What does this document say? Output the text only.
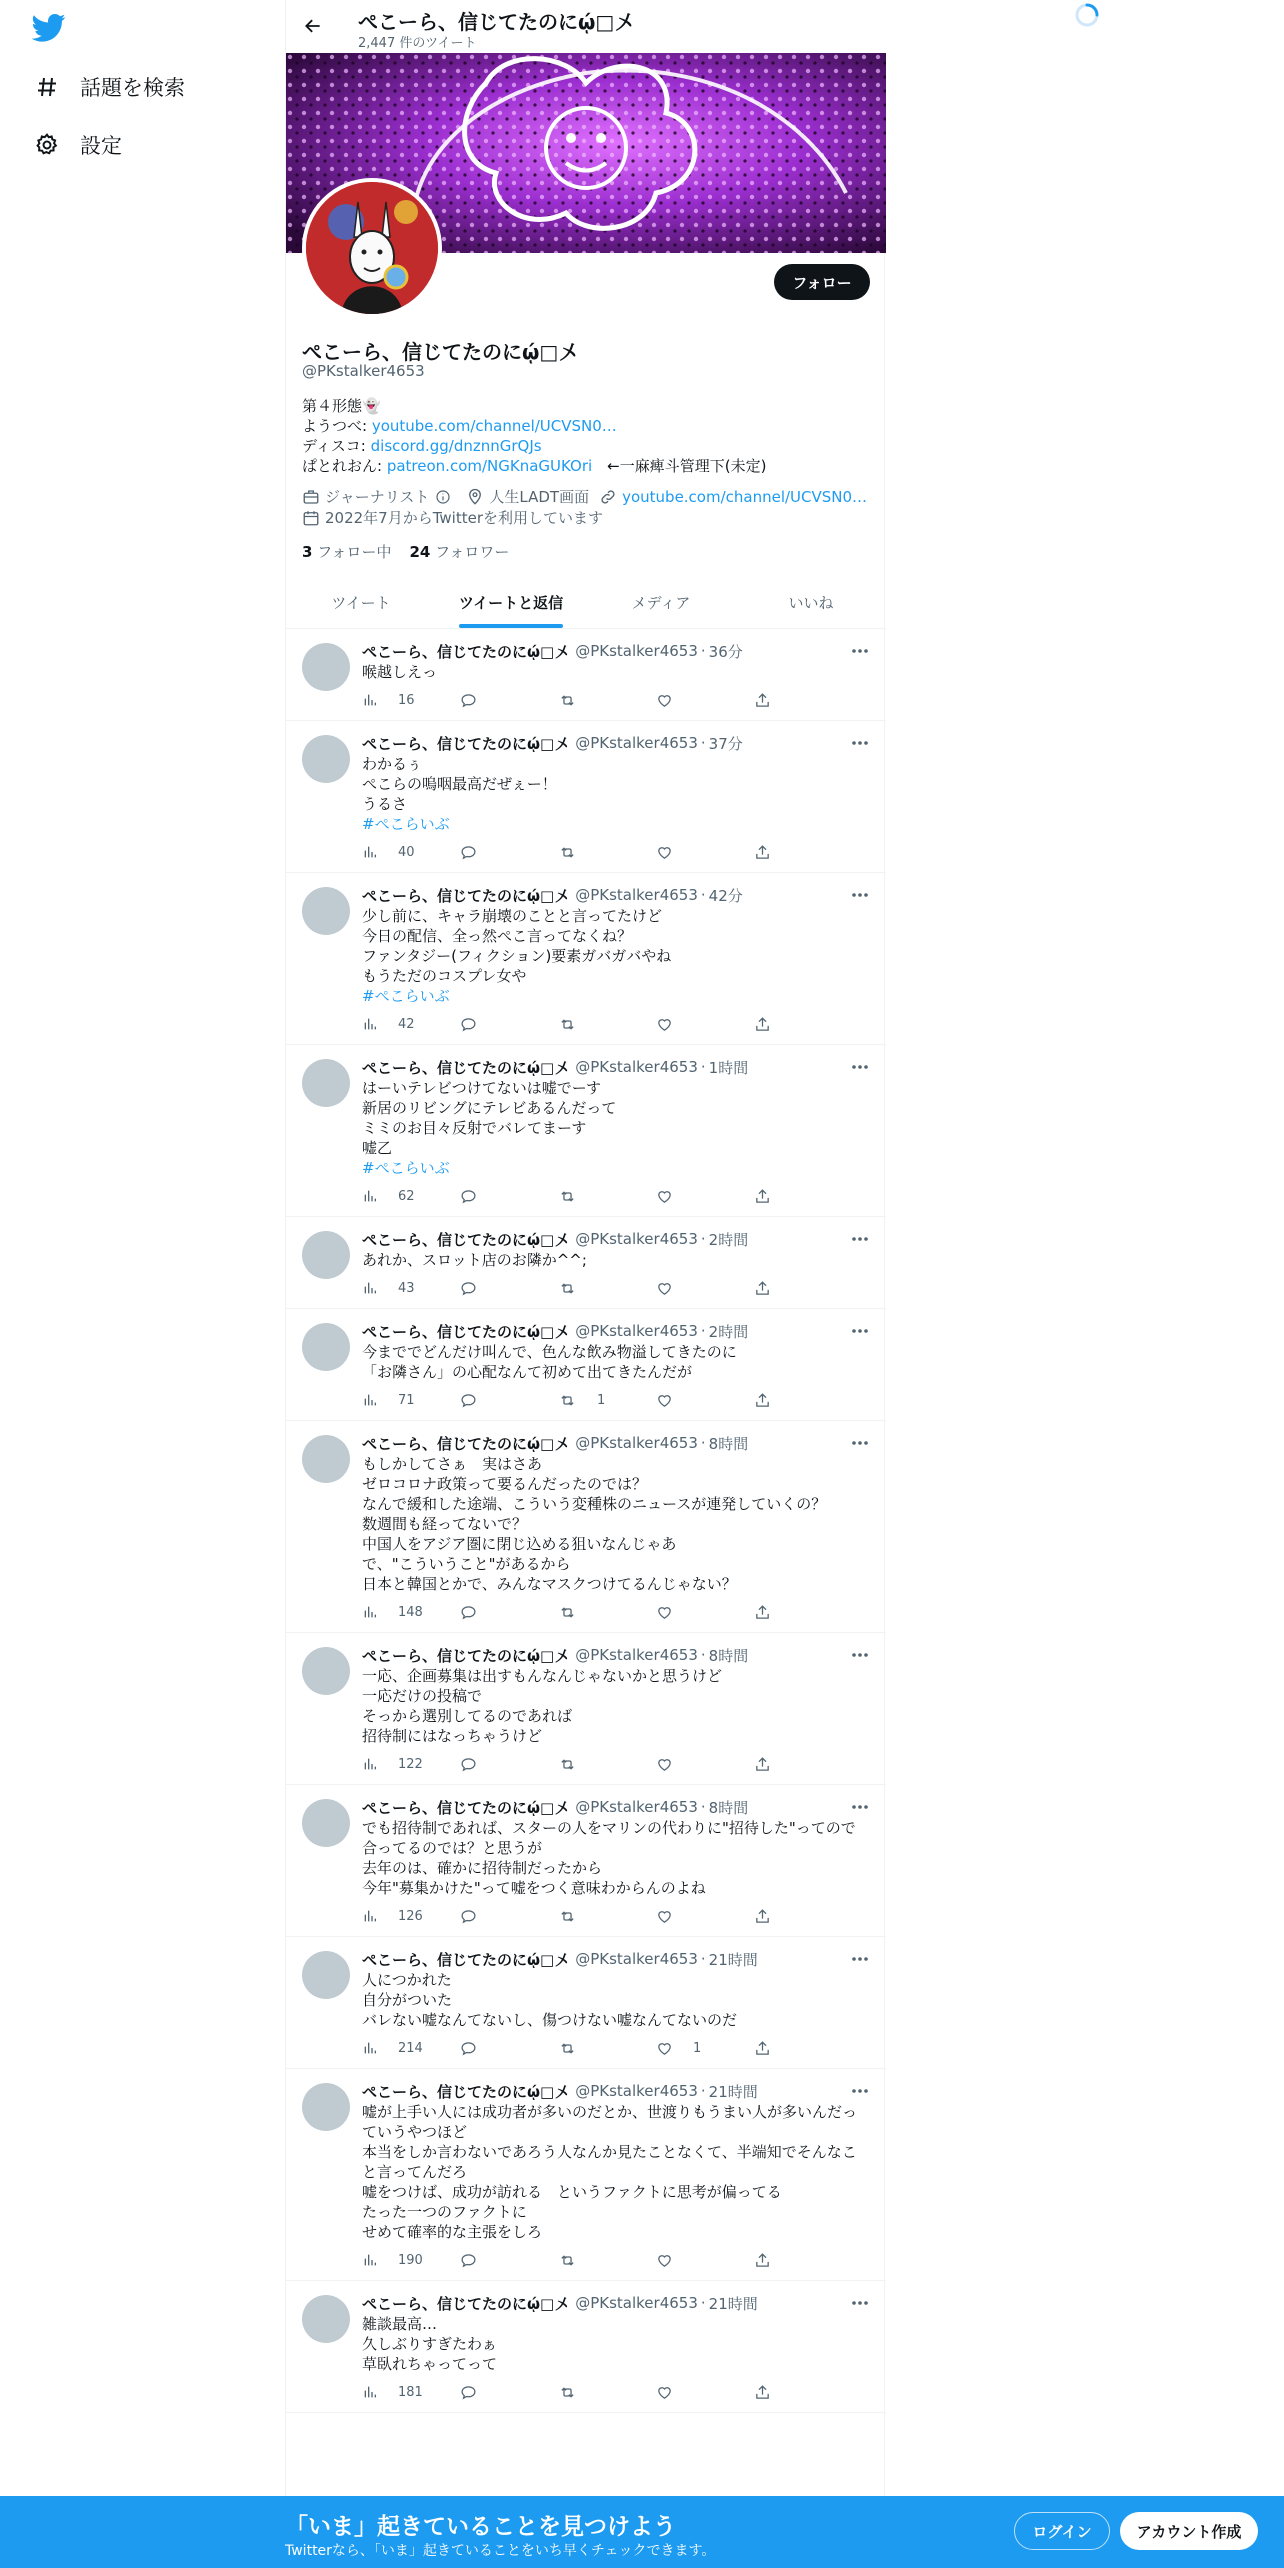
話題を検索
設定
ぺこーら、信じてたのにῴ□〤
2,447 件のツイート
フォロー
ぺこーら、信じてたのにῴ□〤
@PKstalker4653
第４形態👻
ようつべ: youtube.com/channel/UCVSN0…
ディスコ: discord.gg/dnznnGrQJs
ぱとれおん: patreon.com/NGKnaGUKOri　←一麻痺斗管理下(未定)
ジャーナリスト	人生LADT画面 youtube.com/channel/UCVSN0…
2022年7月からTwitterを利用しています
3 フォロー中 24 フォロワー
ツイート	ツイートと返信	メディア	いいね
ぺこーら、信じてたのにῴ□〤 @PKstalker4653 · 36分
喉越しえっ
16
ぺこーら、信じてたのにῴ□〤 @PKstalker4653 · 37分
わかるぅ
ぺこらの嗚咽最高だぜぇー！
うるさ
#ぺこらいぶ
40
ぺこーら、信じてたのにῴ□〤 @PKstalker4653 · 42分
少し前に、キャラ崩壊のことと言ってたけど
今日の配信、全っ然ぺこ言ってなくね？
ファンタジー(フィクション)要素ガバガバやね
もうただのコスプレ女や
#ぺこらいぶ
42
ぺこーら、信じてたのにῴ□〤 @PKstalker4653 · 1時間
はーいテレビつけてないは嘘でーす
新居のリビングにテレビあるんだって
ミミのお目々反射でバレてまーす
嘘乙
#ぺこらいぶ
62
ぺこーら、信じてたのにῴ□〤 @PKstalker4653 · 2時間
あれか、スロット店のお隣か^^;
43
ぺこーら、信じてたのにῴ□〤 @PKstalker4653 · 2時間
今まででどんだけ叫んで、色んな飲み物溢してきたのに
「お隣さん」の心配なんて初めて出てきたんだが
71	1
ぺこーら、信じてたのにῴ□〤 @PKstalker4653 · 8時間
もしかしてさぁ　実はさあ
ゼロコロナ政策って要るんだったのでは？
なんで緩和した途端、こういう変種株のニュースが連発していくの？
数週間も経ってないで？
中国人をアジア圏に閉じ込める狙いなんじゃあ
で、"こういうこと"があるから
日本と韓国とかで、みんなマスクつけてるんじゃない？
148
ぺこーら、信じてたのにῴ□〤 @PKstalker4653 · 8時間
一応、企画募集は出すもんなんじゃないかと思うけど
一応だけの投稿で
そっから選別してるのであれば
招待制にはなっちゃうけど
122
ぺこーら、信じてたのにῴ□〤 @PKstalker4653 · 8時間
でも招待制であれば、スターの人をマリンの代わりに"招待した"ってので合ってるのでは？と思うが
去年のは、確かに招待制だったから
今年"募集かけた"って嘘をつく意味わからんのよね
126
ぺこーら、信じてたのにῴ□〤 @PKstalker4653 · 21時間
人につかれた
自分がついた
バレない嘘なんてないし、傷つけない嘘なんてないのだ
214	1
ぺこーら、信じてたのにῴ□〤 @PKstalker4653 · 21時間
嘘が上手い人には成功者が多いのだとか、世渡りもうまい人が多いんだっていうやつほど
本当をしか言わないであろう人なんか見たことなくて、半端知でそんなこと言ってんだろ
嘘をつけば、成功が訪れる　というファクトに思考が偏ってる
たった一つのファクトに
せめて確率的な主張をしろ
190
ぺこーら、信じてたのにῴ□〤 @PKstalker4653 · 21時間
雑談最高…
久しぶりすぎたわぁ
草臥れちゃってって
181
「いま」起きていることを見つけよう
Twitterなら、「いま」起きていることをいち早くチェックできます。
ログイン	アカウント作成
